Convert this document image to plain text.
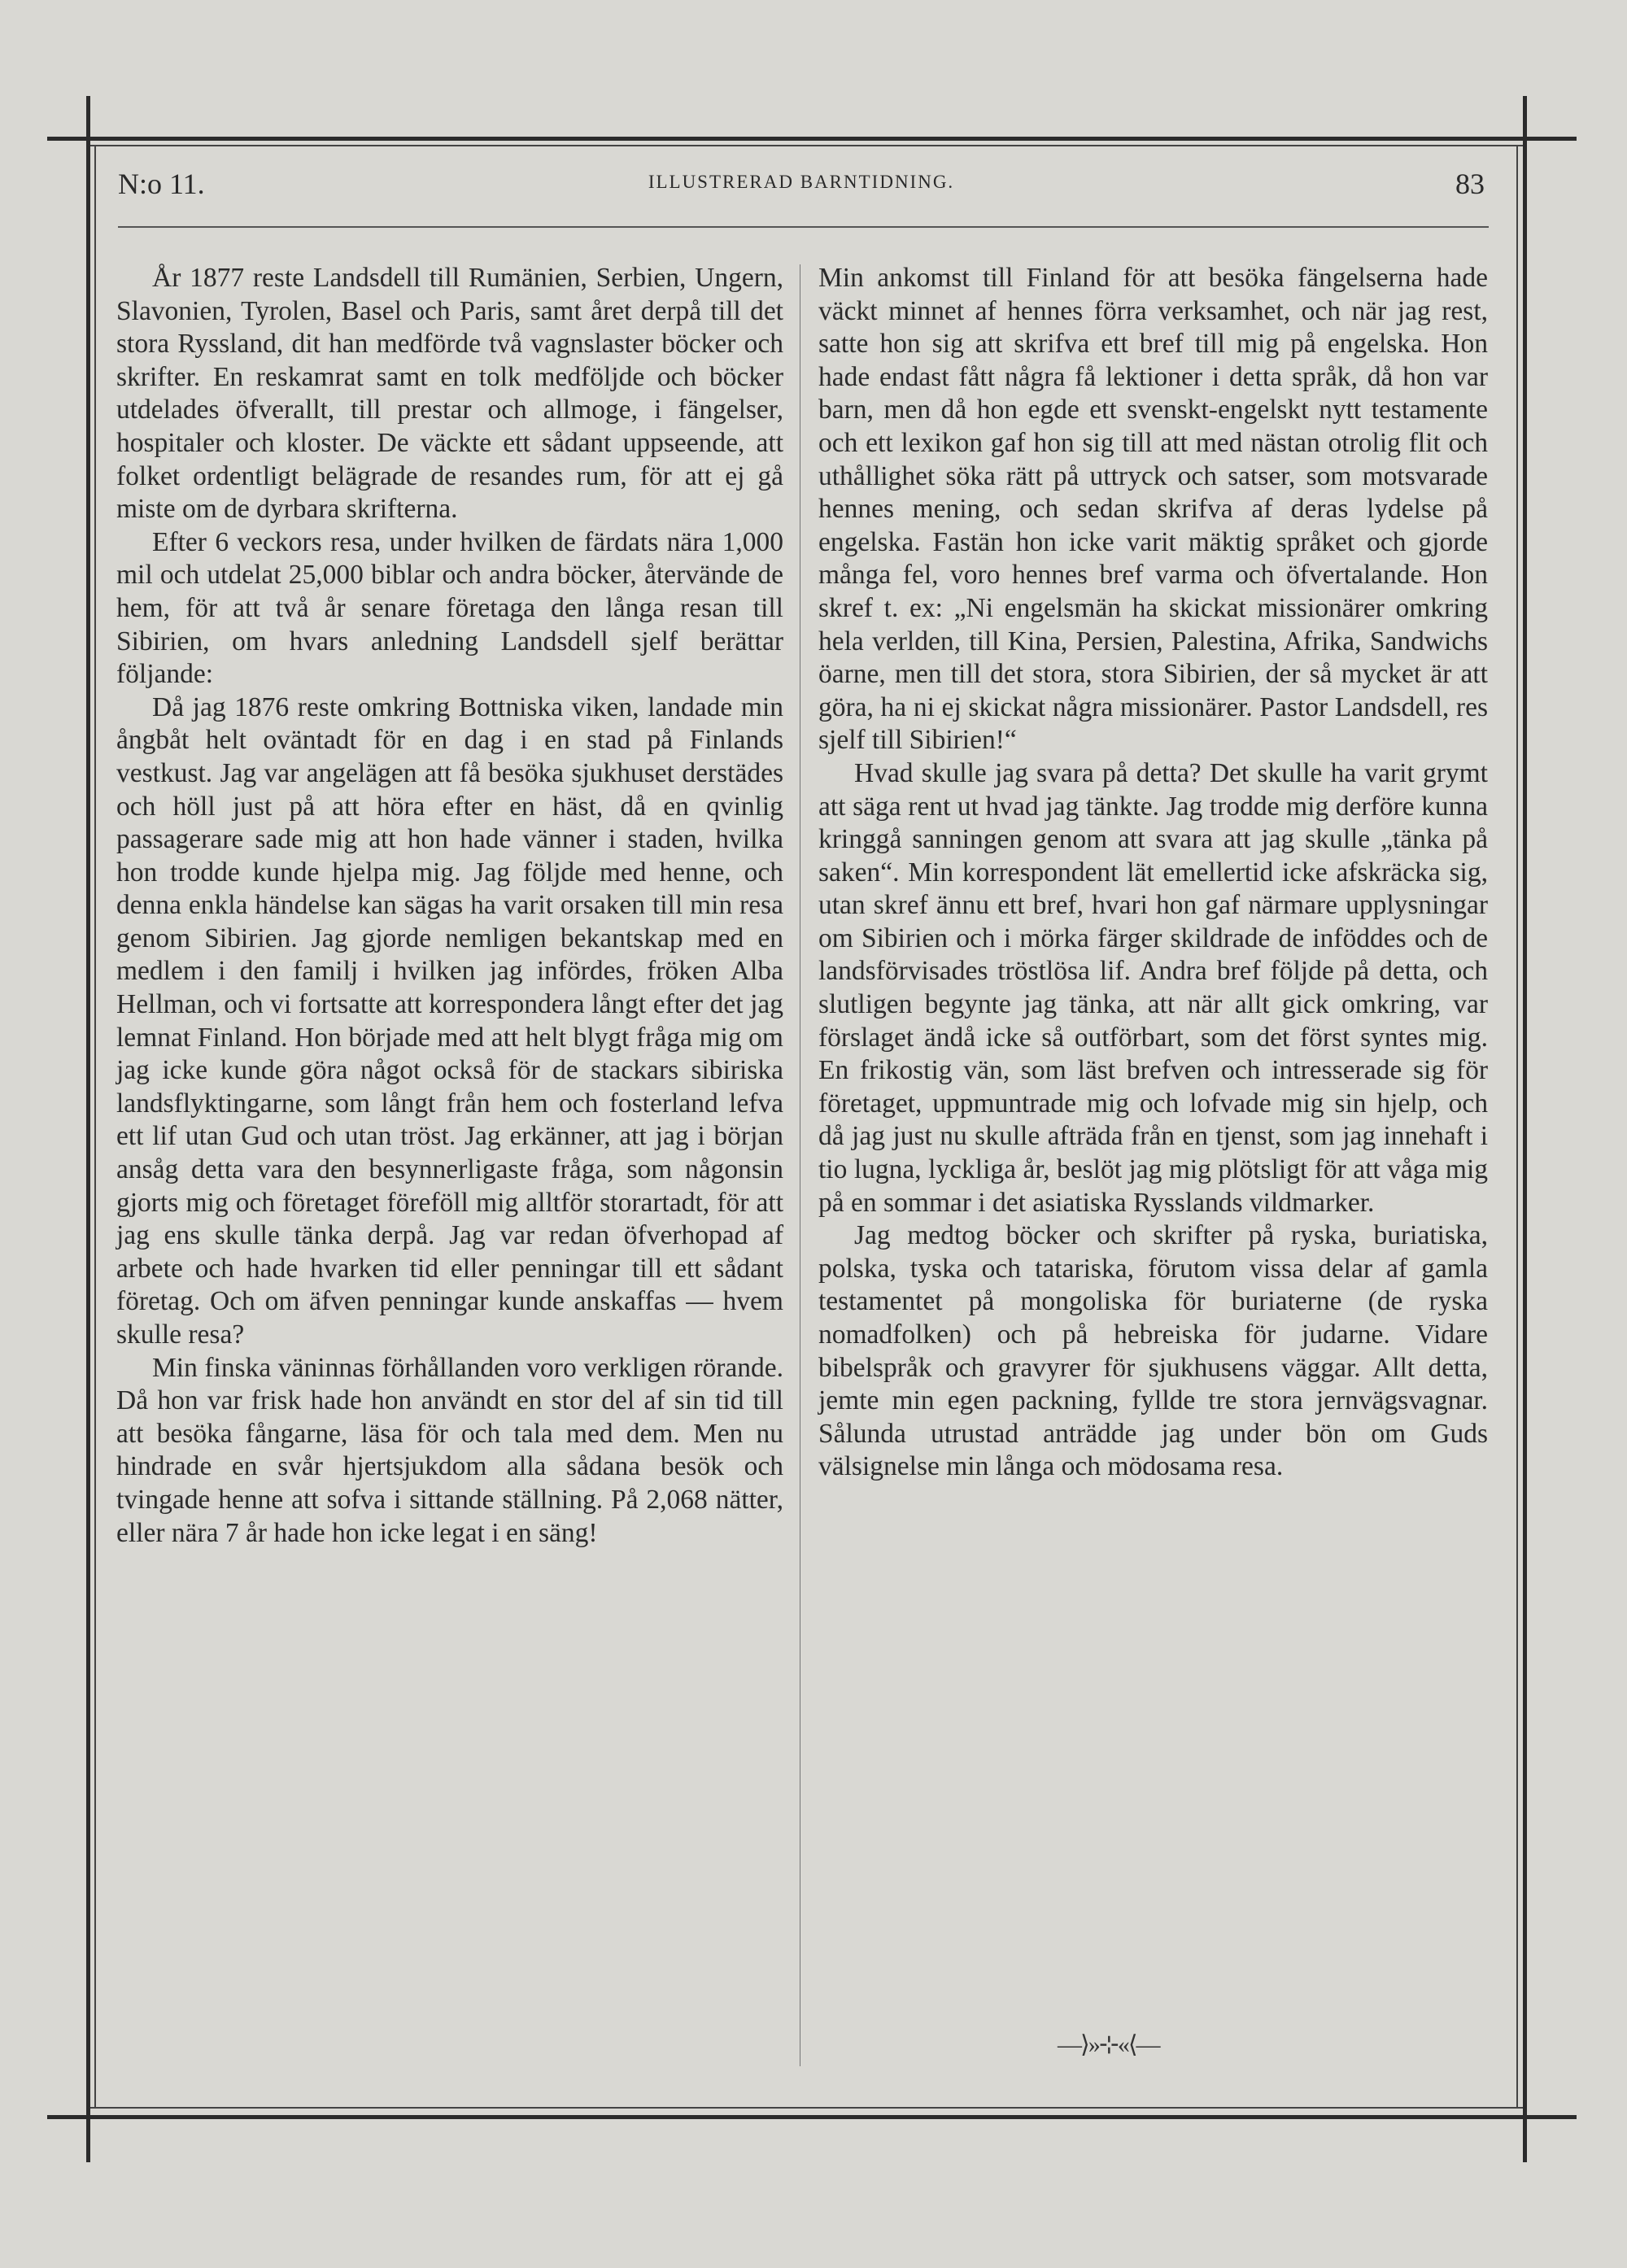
N:o 11.	ILLUSTRERAD BARNTIDNING.	83

År 1877 reste Landsdell till Rumänien, Serbien, Ungern, Slavonien, Tyrolen, Basel och Paris, samt året derpå till det stora Ryssland, dit han medförde två vagnslaster böcker och skrifter. En reskamrat samt en tolk medföljde och böcker utdelades öfverallt, till prestar och allmoge, i fängelser, hospitaler och kloster. De väckte ett sådant uppseende, att folket ordentligt belägrade de resandes rum, för att ej gå miste om de dyrbara skrifterna.

Efter 6 veckors resa, under hvilken de färdats nära 1,000 mil och utdelat 25,000 biblar och andra böcker, återvände de hem, för att två år senare företaga den långa resan till Sibirien, om hvars anledning Landsdell sjelf berättar följande:

Då jag 1876 reste omkring Bottniska viken, landade min ångbåt helt oväntadt för en dag i en stad på Finlands vestkust. Jag var angelägen att få besöka sjukhuset derstädes och höll just på att höra efter en häst, då en qvinlig passagerare sade mig att hon hade vänner i staden, hvilka hon trodde kunde hjelpa mig. Jag följde med henne, och denna enkla händelse kan sägas ha varit orsaken till min resa genom Sibirien. Jag gjorde nemligen bekantskap med en medlem i den familj i hvilken jag infördes, fröken Alba Hellman, och vi fortsatte att korrespondera långt efter det jag lemnat Finland. Hon började med att helt blygt fråga mig om jag icke kunde göra något också för de stackars sibiriska landsflyktingarne, som långt från hem och fosterland lefva ett lif utan Gud och utan tröst. Jag erkänner, att jag i början ansåg detta vara den besynnerligaste fråga, som någonsin gjorts mig och företaget föreföll mig alltför storartadt, för att jag ens skulle tänka derpå. Jag var redan öfverhopad af arbete och hade hvarken tid eller penningar till ett sådant företag. Och om äfven penningar kunde anskaffas — hvem skulle resa?

Min finska väninnas förhållanden voro verkligen rörande. Då hon var frisk hade hon användt en stor del af sin tid till att besöka fångarne, läsa för och tala med dem. Men nu hindrade en svår hjertsjukdom alla sådana besök och tvingade henne att sofva i sittande ställning. På 2,068 nätter, eller nära 7 år hade hon icke legat i en säng!

Min ankomst till Finland för att besöka fängelserna hade väckt minnet af hennes förra verksamhet, och när jag rest, satte hon sig att skrifva ett bref till mig på engelska. Hon hade endast fått några få lektioner i detta språk, då hon var barn, men då hon egde ett svenskt-engelskt nytt testamente och ett lexikon gaf hon sig till att med nästan otrolig flit och uthållighet söka rätt på uttryck och satser, som motsvarade hennes mening, och sedan skrifva af deras lydelse på engelska. Fastän hon icke varit mäktig språket och gjorde många fel, voro hennes bref varma och öfvertalande. Hon skref t. ex: „Ni engelsmän ha skickat missionärer omkring hela verlden, till Kina, Persien, Palestina, Afrika, Sandwichs öarne, men till det stora, stora Sibirien, der så mycket är att göra, ha ni ej skickat några missionärer. Pastor Landsdell, res sjelf till Sibirien!“

Hvad skulle jag svara på detta? Det skulle ha varit grymt att säga rent ut hvad jag tänkte. Jag trodde mig derföre kunna kringgå sanningen genom att svara att jag skulle „tänka på saken“. Min korrespondent lät emellertid icke afskräcka sig, utan skref ännu ett bref, hvari hon gaf närmare upplysningar om Sibirien och i mörka färger skildrade de inföddes och de landsförvisades tröstlösa lif. Andra bref följde på detta, och slutligen begynte jag tänka, att när allt gick omkring, var förslaget ändå icke så outförbart, som det först syntes mig. En frikostig vän, som läst brefven och intresserade sig för företaget, uppmuntrade mig och lofvade mig sin hjelp, och då jag just nu skulle afträda från en tjenst, som jag innehaft i tio lugna, lyckliga år, beslöt jag mig plötsligt för att våga mig på en sommar i det asiatiska Rysslands vildmarker.

Jag medtog böcker och skrifter på ryska, buriatiska, polska, tyska och tatariska, förutom vissa delar af gamla testamentet på mongoliska för buriaterne (de ryska nomadfolken) och på hebreiska för judarne. Vidare bibelspråk och gravyrer för sjukhusens väggar. Allt detta, jemte min egen packning, fyllde tre stora jernvägsvagnar. Sålunda utrustad anträdde jag under bön om Guds välsignelse min långa och mödosama resa.

—⟩»⊹«⟨—
